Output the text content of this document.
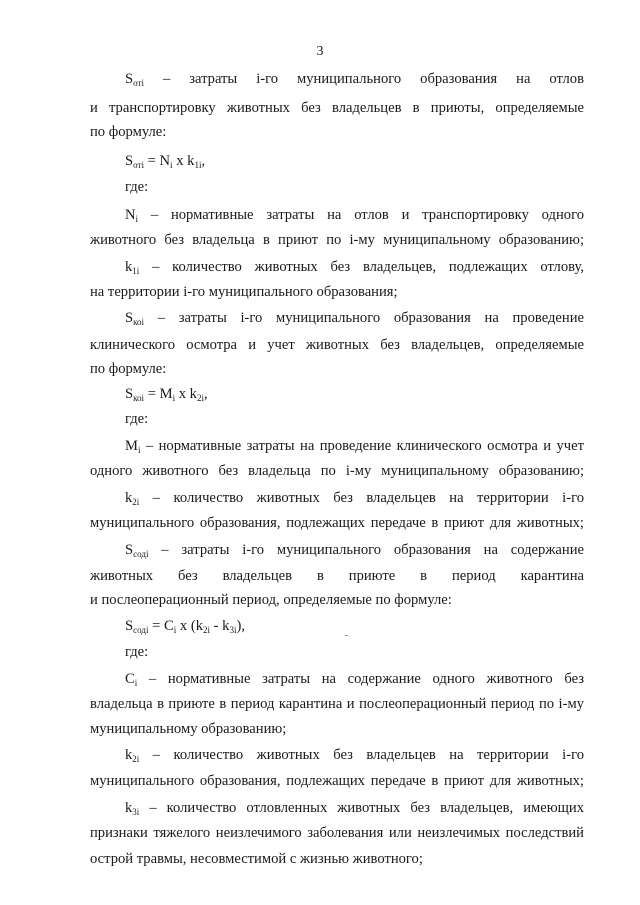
3
$S_{отi}$ – затраты i-го муниципального образования на отлов
и транспортировку животных без владельцев в приюты, определяемые
по формуле:
$S_{отi} = N_i$ x $k_{1i}$,
где:
$N_i$ – нормативные затраты на отлов и транспортировку одного
животного без владельца в приют по i-му муниципальному образованию;
$k_{1i}$ – количество животных без владельцев, подлежащих отлову,
на территории i-го муниципального образования;
$S_{коi}$ – затраты i-го муниципального образования на проведение
клинического осмотра и учет животных без владельцев, определяемые
по формуле:
$S_{коi} = M_i$ x $k_{2i}$,
где:
$M_i$ – нормативные затраты на проведение клинического осмотра и учет
одного животного без владельца по i-му муниципальному образованию;
$k_{2i}$ – количество животных без владельцев на территории i-го
муниципального образования, подлежащих передаче в приют для животных;
$S_{содi}$ – затраты i-го муниципального образования на содержание
животных без владельцев в приюте в период карантина
и послеоперационный период, определяемые по формуле:
$S_{содi} = C_i$ x $(k_{2i} - k_{3i})$,
где:
$C_i$ – нормативные затраты на содержание одного животного без
владельца в приюте в период карантина и послеоперационный период по i-му
муниципальному образованию;
$k_{2i}$ – количество животных без владельцев на территории i-го
муниципального образования, подлежащих передаче в приют для животных;
$k_{3i}$ – количество отловленных животных без владельцев, имеющих
признаки тяжелого неизлечимого заболевания или неизлечимых последствий
острой травмы, несовместимой с жизнью животного;
